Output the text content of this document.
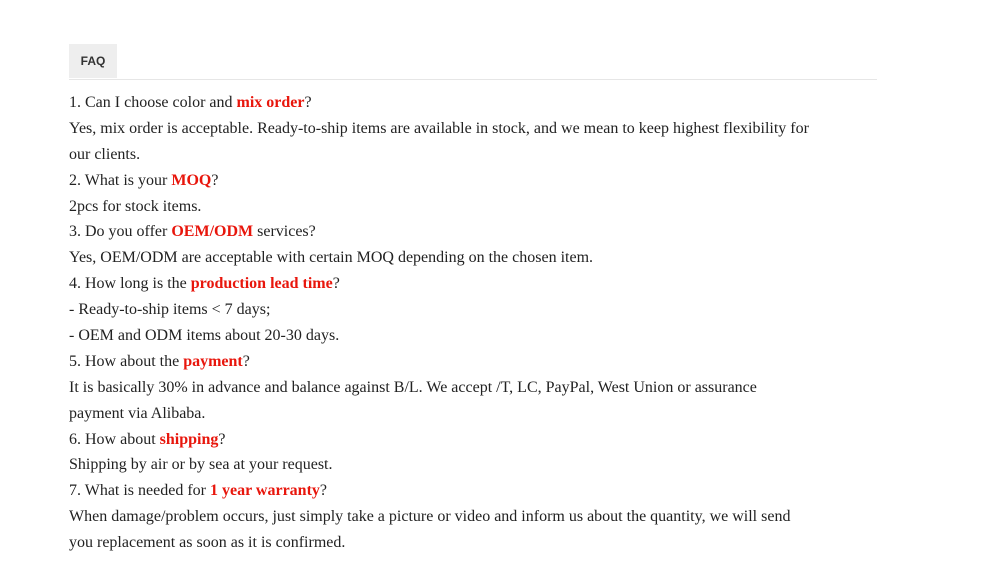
FAQ
1. Can I choose color and mix order?
Yes, mix order is acceptable. Ready-to-ship items are available in stock, and we mean to keep highest flexibility for
our clients.
2. What is your MOQ?
2pcs for stock items.
3. Do you offer OEM/ODM services?
Yes, OEM/ODM are acceptable with certain MOQ depending on the chosen item.
4. How long is the production lead time?
- Ready-to-ship items < 7 days;
- OEM and ODM items about 20-30 days.
5. How about the payment?
It is basically 30% in advance and balance against B/L. We accept /T, LC, PayPal, West Union or assurance
payment via Alibaba.
6. How about shipping?
Shipping by air or by sea at your request.
7. What is needed for 1 year warranty?
When damage/problem occurs, just simply take a picture or video and inform us about the quantity, we will send
you replacement as soon as it is confirmed.
